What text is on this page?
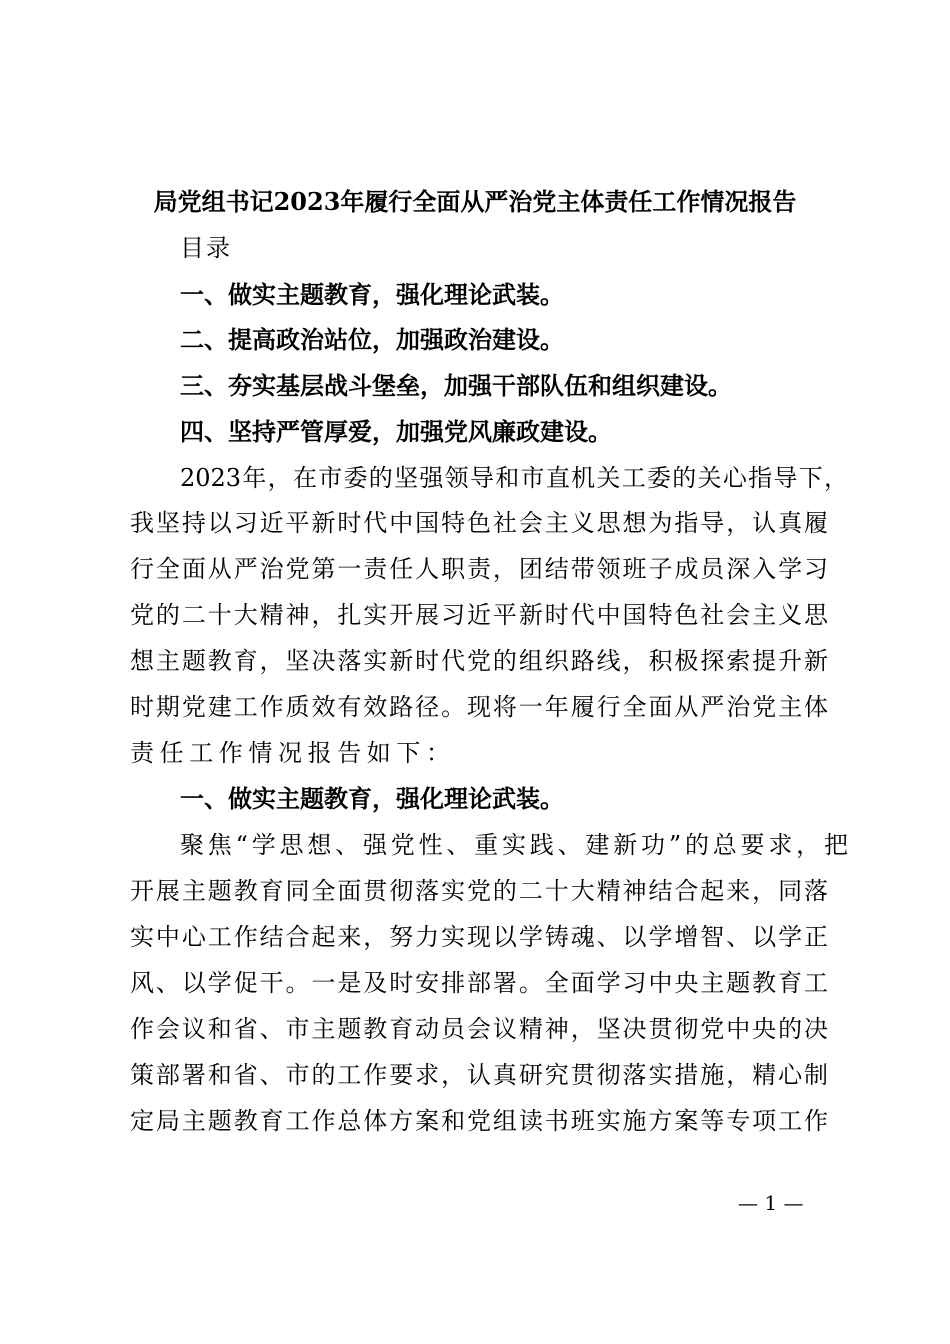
局党组书记2023年履行全面从严治党主体责任工作情况报告
目录
一、做实主题教育，强化理论武装。
二、提高政治站位，加强政治建设。
三、夯实基层战斗堡垒，加强干部队伍和组织建设。
四、坚持严管厚爱，加强党风廉政建设。
2023年，在市委的坚强领导和市直机关工委的关心指导下，
我坚持以习近平新时代中国特色社会主义思想为指导，认真履
行全面从严治党第一责任人职责，团结带领班子成员深入学习
党的二十大精神，扎实开展习近平新时代中国特色社会主义思
想主题教育，坚决落实新时代党的组织路线，积极探索提升新
时期党建工作质效有效路径。现将一年履行全面从严治党主体
责任工作情况报告如下：
一、做实主题教育，强化理论武装。
聚焦“学思想、强党性、重实践、建新功”的总要求，把
开展主题教育同全面贯彻落实党的二十大精神结合起来，同落
实中心工作结合起来，努力实现以学铸魂、以学增智、以学正
风、以学促干。一是及时安排部署。全面学习中央主题教育工
作会议和省、市主题教育动员会议精神，坚决贯彻党中央的决
策部署和省、市的工作要求，认真研究贯彻落实措施，精心制
定局主题教育工作总体方案和党组读书班实施方案等专项工作
— 1 —
